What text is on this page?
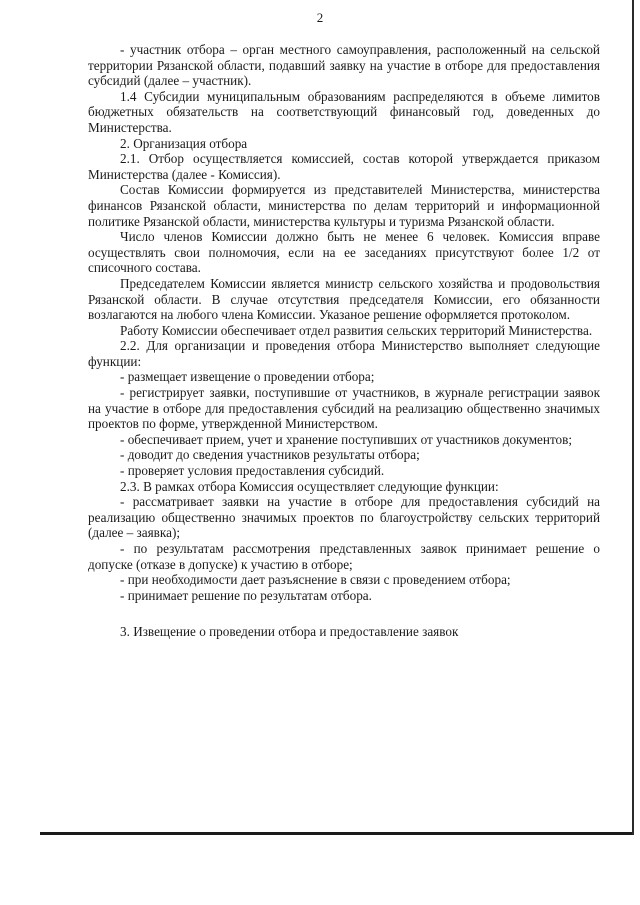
2

- участник отбора – орган местного самоуправления, расположенный на сельской территории Рязанской области, подавший заявку на участие в отборе для предоставления субсидий (далее – участник).

1.4 Субсидии муниципальным образованиям распределяются в объеме лимитов бюджетных обязательств на соответствующий финансовый год, доведенных до Министерства.

2. Организация отбора

2.1. Отбор осуществляется комиссией, состав которой утверждается приказом Министерства (далее - Комиссия).

Состав Комиссии формируется из представителей Министерства, министерства финансов Рязанской области, министерства по делам территорий и информационной политике Рязанской области, министерства культуры и туризма Рязанской области.

Число членов Комиссии должно быть не менее 6 человек. Комиссия вправе осуществлять свои полномочия, если на ее заседаниях присутствуют более 1/2 от списочного состава.

Председателем Комиссии является министр сельского хозяйства и продовольствия Рязанской области. В случае отсутствия председателя Комиссии, его обязанности возлагаются на любого члена Комиссии. Указаное решение оформляется протоколом.

Работу Комиссии обеспечивает отдел развития сельских территорий Министерства.

2.2. Для организации и проведения отбора Министерство выполняет следующие функции:

- размещает извещение о проведении отбора;

- регистрирует заявки, поступившие от участников, в журнале регистрации заявок на участие в отборе для предоставления субсидий на реализацию общественно значимых проектов по форме, утвержденной Министерством.

- обеспечивает прием, учет и хранение поступивших от участников документов;

- доводит до сведения участников результаты отбора;

- проверяет условия предоставления субсидий.

2.3. В рамках отбора Комиссия осуществляет следующие функции:

- рассматривает заявки на участие в отборе для предоставления субсидий на реализацию общественно значимых проектов по благоустройству сельских территорий (далее – заявка);

- по результатам рассмотрения представленных заявок принимает решение о допуске (отказе в допуске) к участию в отборе;

- при необходимости дает разъяснение в связи с проведением отбора;

- принимает решение по результатам отбора.

3. Извещение о проведении отбора и предоставление заявок
